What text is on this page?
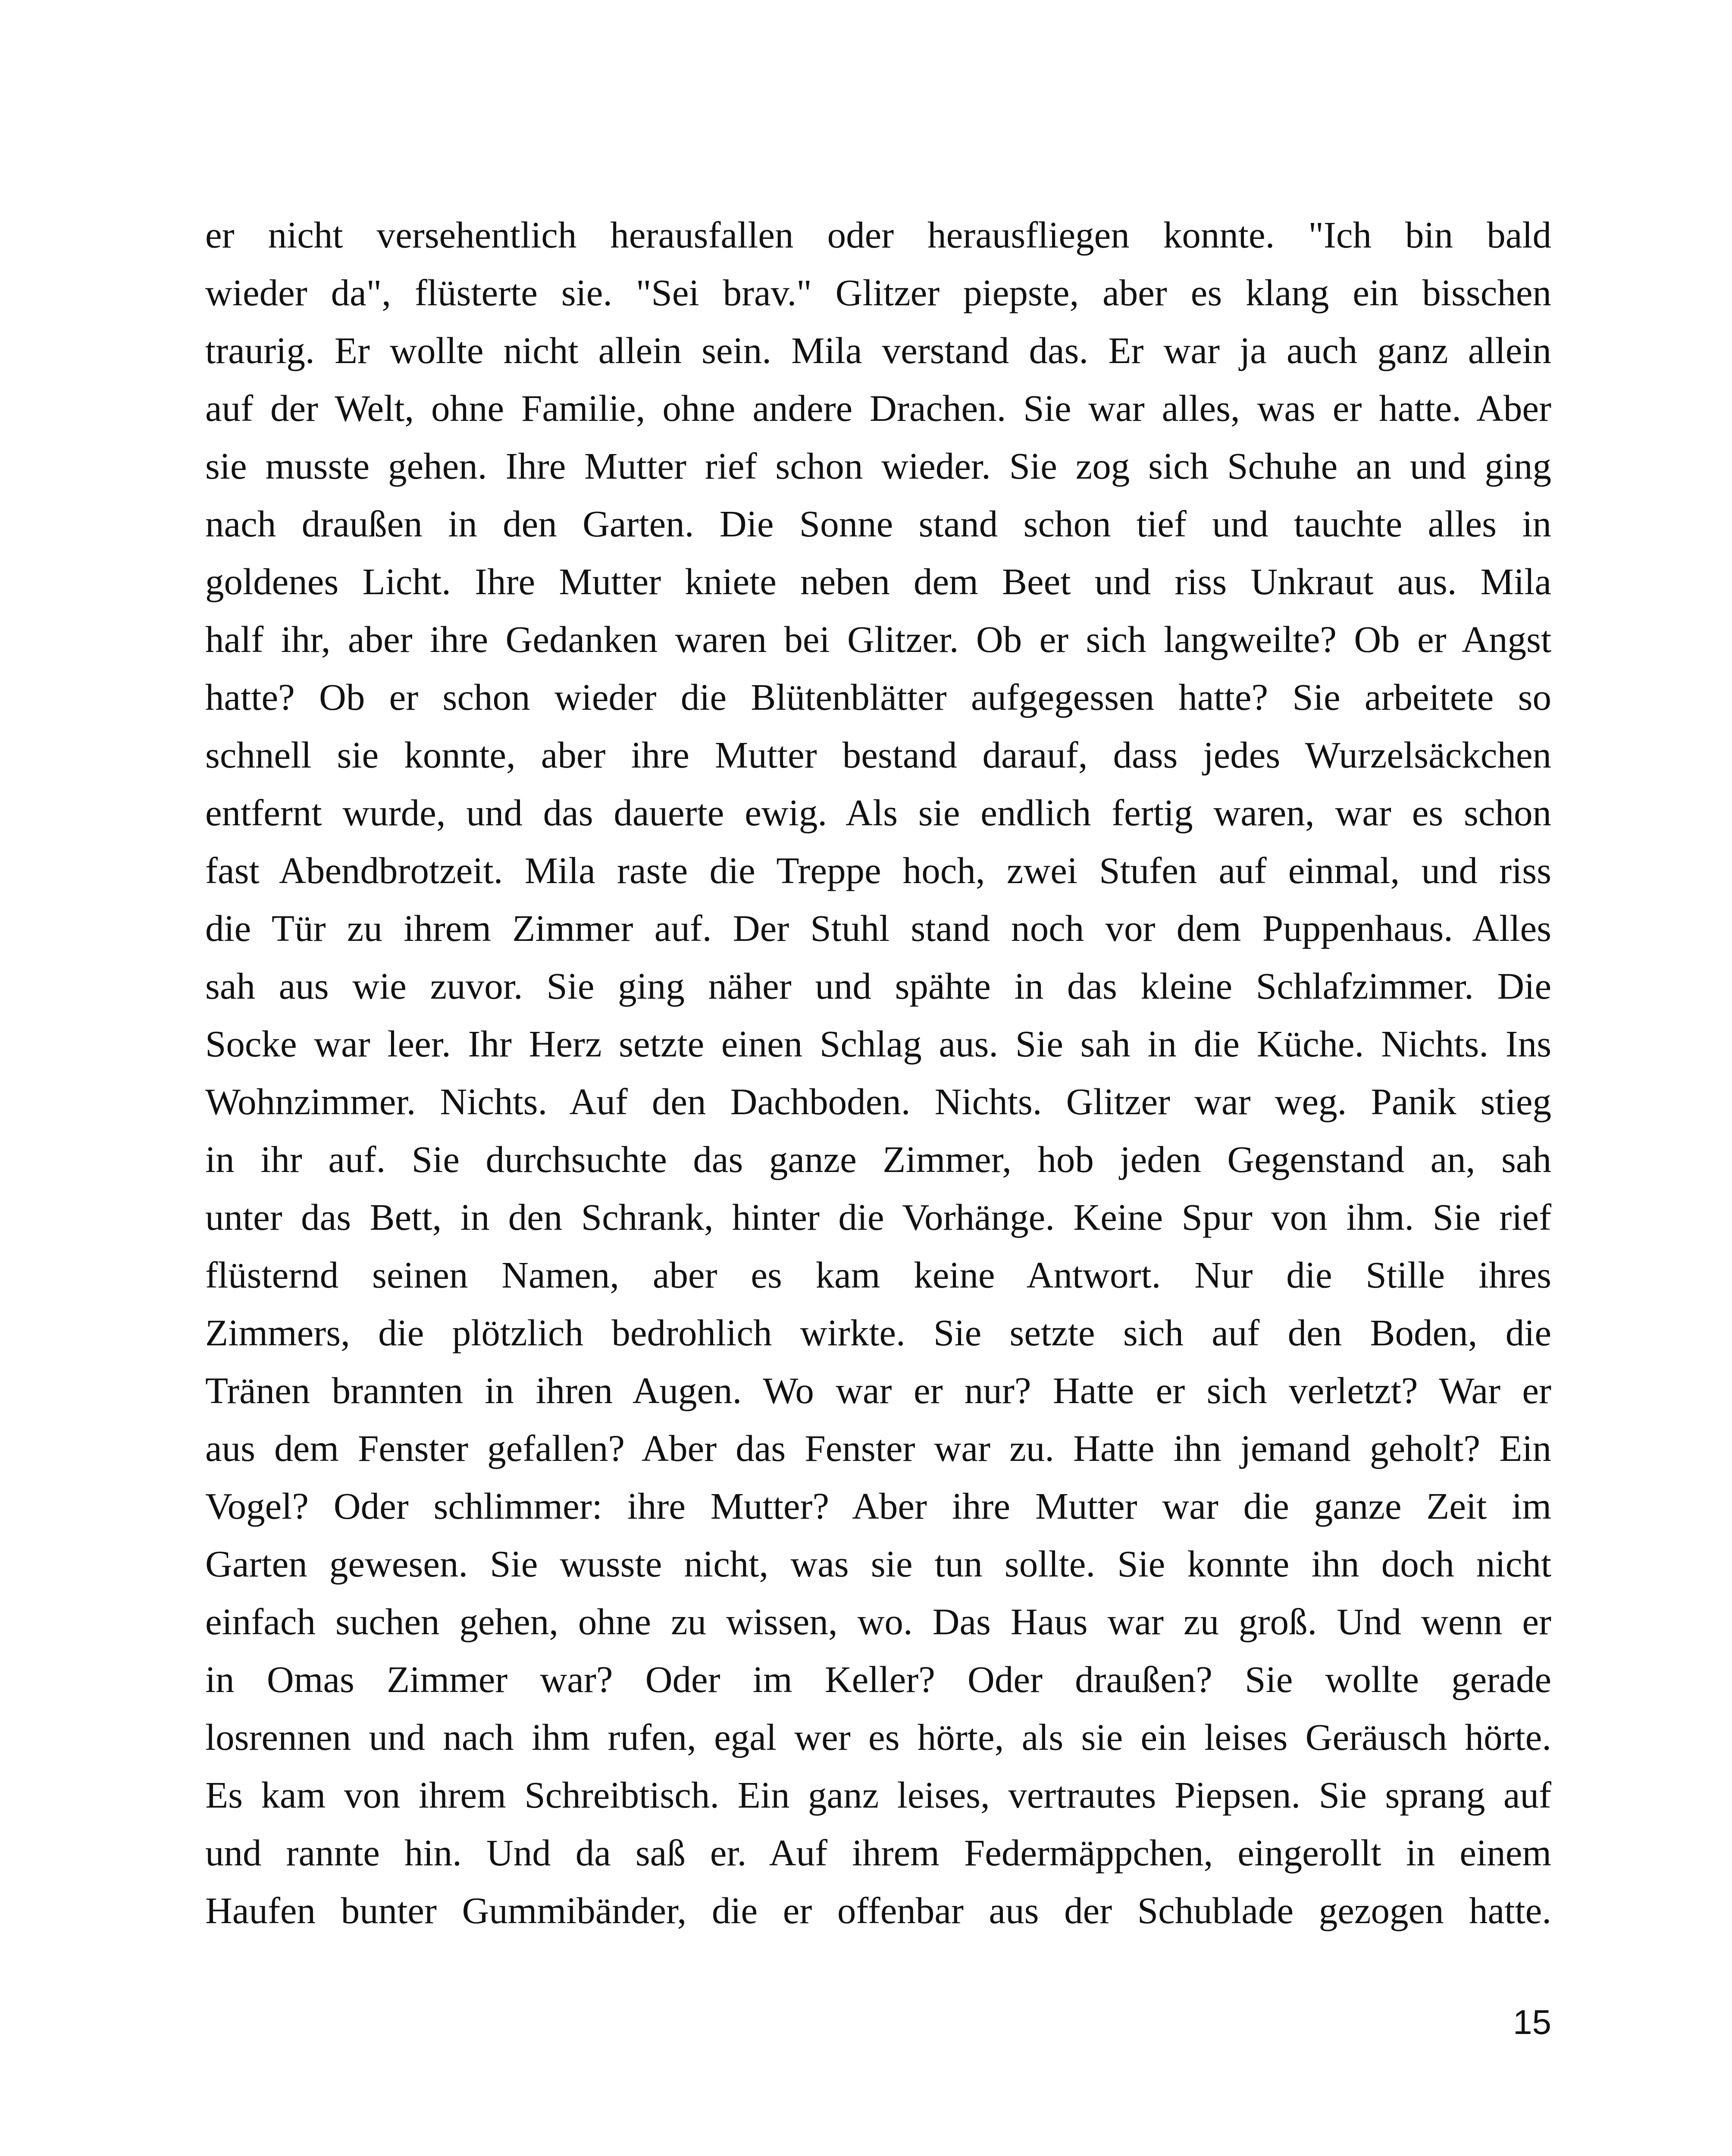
er nicht versehentlich herausfallen oder herausfliegen konnte. "Ich bin bald
wieder da", flüsterte sie. "Sei brav." Glitzer piepste, aber es klang ein bisschen
traurig. Er wollte nicht allein sein. Mila verstand das. Er war ja auch ganz allein
auf der Welt, ohne Familie, ohne andere Drachen. Sie war alles, was er hatte. Aber
sie musste gehen. Ihre Mutter rief schon wieder. Sie zog sich Schuhe an und ging
nach draußen in den Garten. Die Sonne stand schon tief und tauchte alles in
goldenes Licht. Ihre Mutter kniete neben dem Beet und riss Unkraut aus. Mila
half ihr, aber ihre Gedanken waren bei Glitzer. Ob er sich langweilte? Ob er Angst
hatte? Ob er schon wieder die Blütenblätter aufgegessen hatte? Sie arbeitete so
schnell sie konnte, aber ihre Mutter bestand darauf, dass jedes Wurzelsäckchen
entfernt wurde, und das dauerte ewig. Als sie endlich fertig waren, war es schon
fast Abendbrotzeit. Mila raste die Treppe hoch, zwei Stufen auf einmal, und riss
die Tür zu ihrem Zimmer auf. Der Stuhl stand noch vor dem Puppenhaus. Alles
sah aus wie zuvor. Sie ging näher und spähte in das kleine Schlafzimmer. Die
Socke war leer. Ihr Herz setzte einen Schlag aus. Sie sah in die Küche. Nichts. Ins
Wohnzimmer. Nichts. Auf den Dachboden. Nichts. Glitzer war weg. Panik stieg
in ihr auf. Sie durchsuchte das ganze Zimmer, hob jeden Gegenstand an, sah
unter das Bett, in den Schrank, hinter die Vorhänge. Keine Spur von ihm. Sie rief
flüsternd seinen Namen, aber es kam keine Antwort. Nur die Stille ihres
Zimmers, die plötzlich bedrohlich wirkte. Sie setzte sich auf den Boden, die
Tränen brannten in ihren Augen. Wo war er nur? Hatte er sich verletzt? War er
aus dem Fenster gefallen? Aber das Fenster war zu. Hatte ihn jemand geholt? Ein
Vogel? Oder schlimmer: ihre Mutter? Aber ihre Mutter war die ganze Zeit im
Garten gewesen. Sie wusste nicht, was sie tun sollte. Sie konnte ihn doch nicht
einfach suchen gehen, ohne zu wissen, wo. Das Haus war zu groß. Und wenn er
in Omas Zimmer war? Oder im Keller? Oder draußen? Sie wollte gerade
losrennen und nach ihm rufen, egal wer es hörte, als sie ein leises Geräusch hörte.
Es kam von ihrem Schreibtisch. Ein ganz leises, vertrautes Piepsen. Sie sprang auf
und rannte hin. Und da saß er. Auf ihrem Federmäppchen, eingerollt in einem
Haufen bunter Gummibänder, die er offenbar aus der Schublade gezogen hatte.
15
